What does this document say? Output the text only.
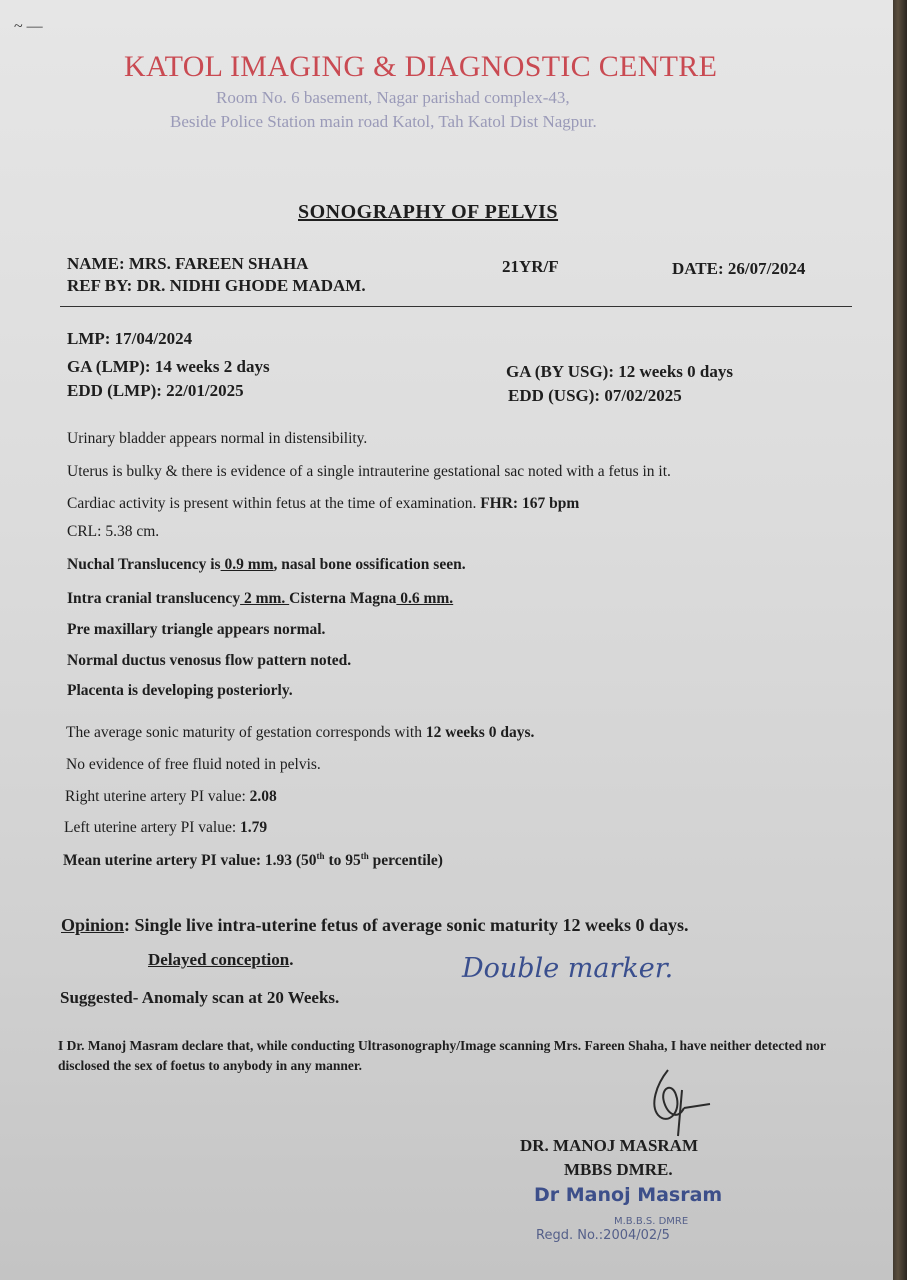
~ —
KATOL IMAGING & DIAGNOSTIC CENTRE
Room No. 6 basement, Nagar parishad complex-43,
Beside Police Station main road Katol, Tah Katol Dist Nagpur.
SONOGRAPHY OF PELVIS
NAME: MRS. FAREEN SHAHA	21YR/F	DATE: 26/07/2024
REF BY: DR. NIDHI GHODE MADAM.
LMP: 17/04/2024
GA (LMP): 14 weeks 2 days
EDD (LMP): 22/01/2025
GA (BY USG): 12 weeks 0 days
EDD (USG): 07/02/2025
Urinary bladder appears normal in distensibility.
Uterus is bulky & there is evidence of a single intrauterine gestational sac noted with a fetus in it.
Cardiac activity is present within fetus at the time of examination. FHR: 167 bpm
CRL: 5.38 cm.
Nuchal Translucency is 0.9 mm, nasal bone ossification seen.
Intra cranial translucency 2 mm. Cisterna Magna 0.6 mm.
Pre maxillary triangle appears normal.
Normal ductus venosus flow pattern noted.
Placenta is developing posteriorly.
The average sonic maturity of gestation corresponds with 12 weeks 0 days.
No evidence of free fluid noted in pelvis.
Right uterine artery PI value: 2.08
Left uterine artery PI value: 1.79
Mean uterine artery PI value: 1.93 (50th to 95th percentile)
Opinion: Single live intra-uterine fetus of average sonic maturity 12 weeks 0 days.
Delayed conception.	Double marker.
Suggested- Anomaly scan at 20 Weeks.
I Dr. Manoj Masram declare that, while conducting Ultrasonography/Image scanning Mrs. Fareen Shaha, I have neither detected nor disclosed the sex of foetus to anybody in any manner.
DR. MANOJ MASRAM
MBBS DMRE.
Dr Manoj Masram
M.B.B.S. DMRE
Regd. No.:2004/02/5
